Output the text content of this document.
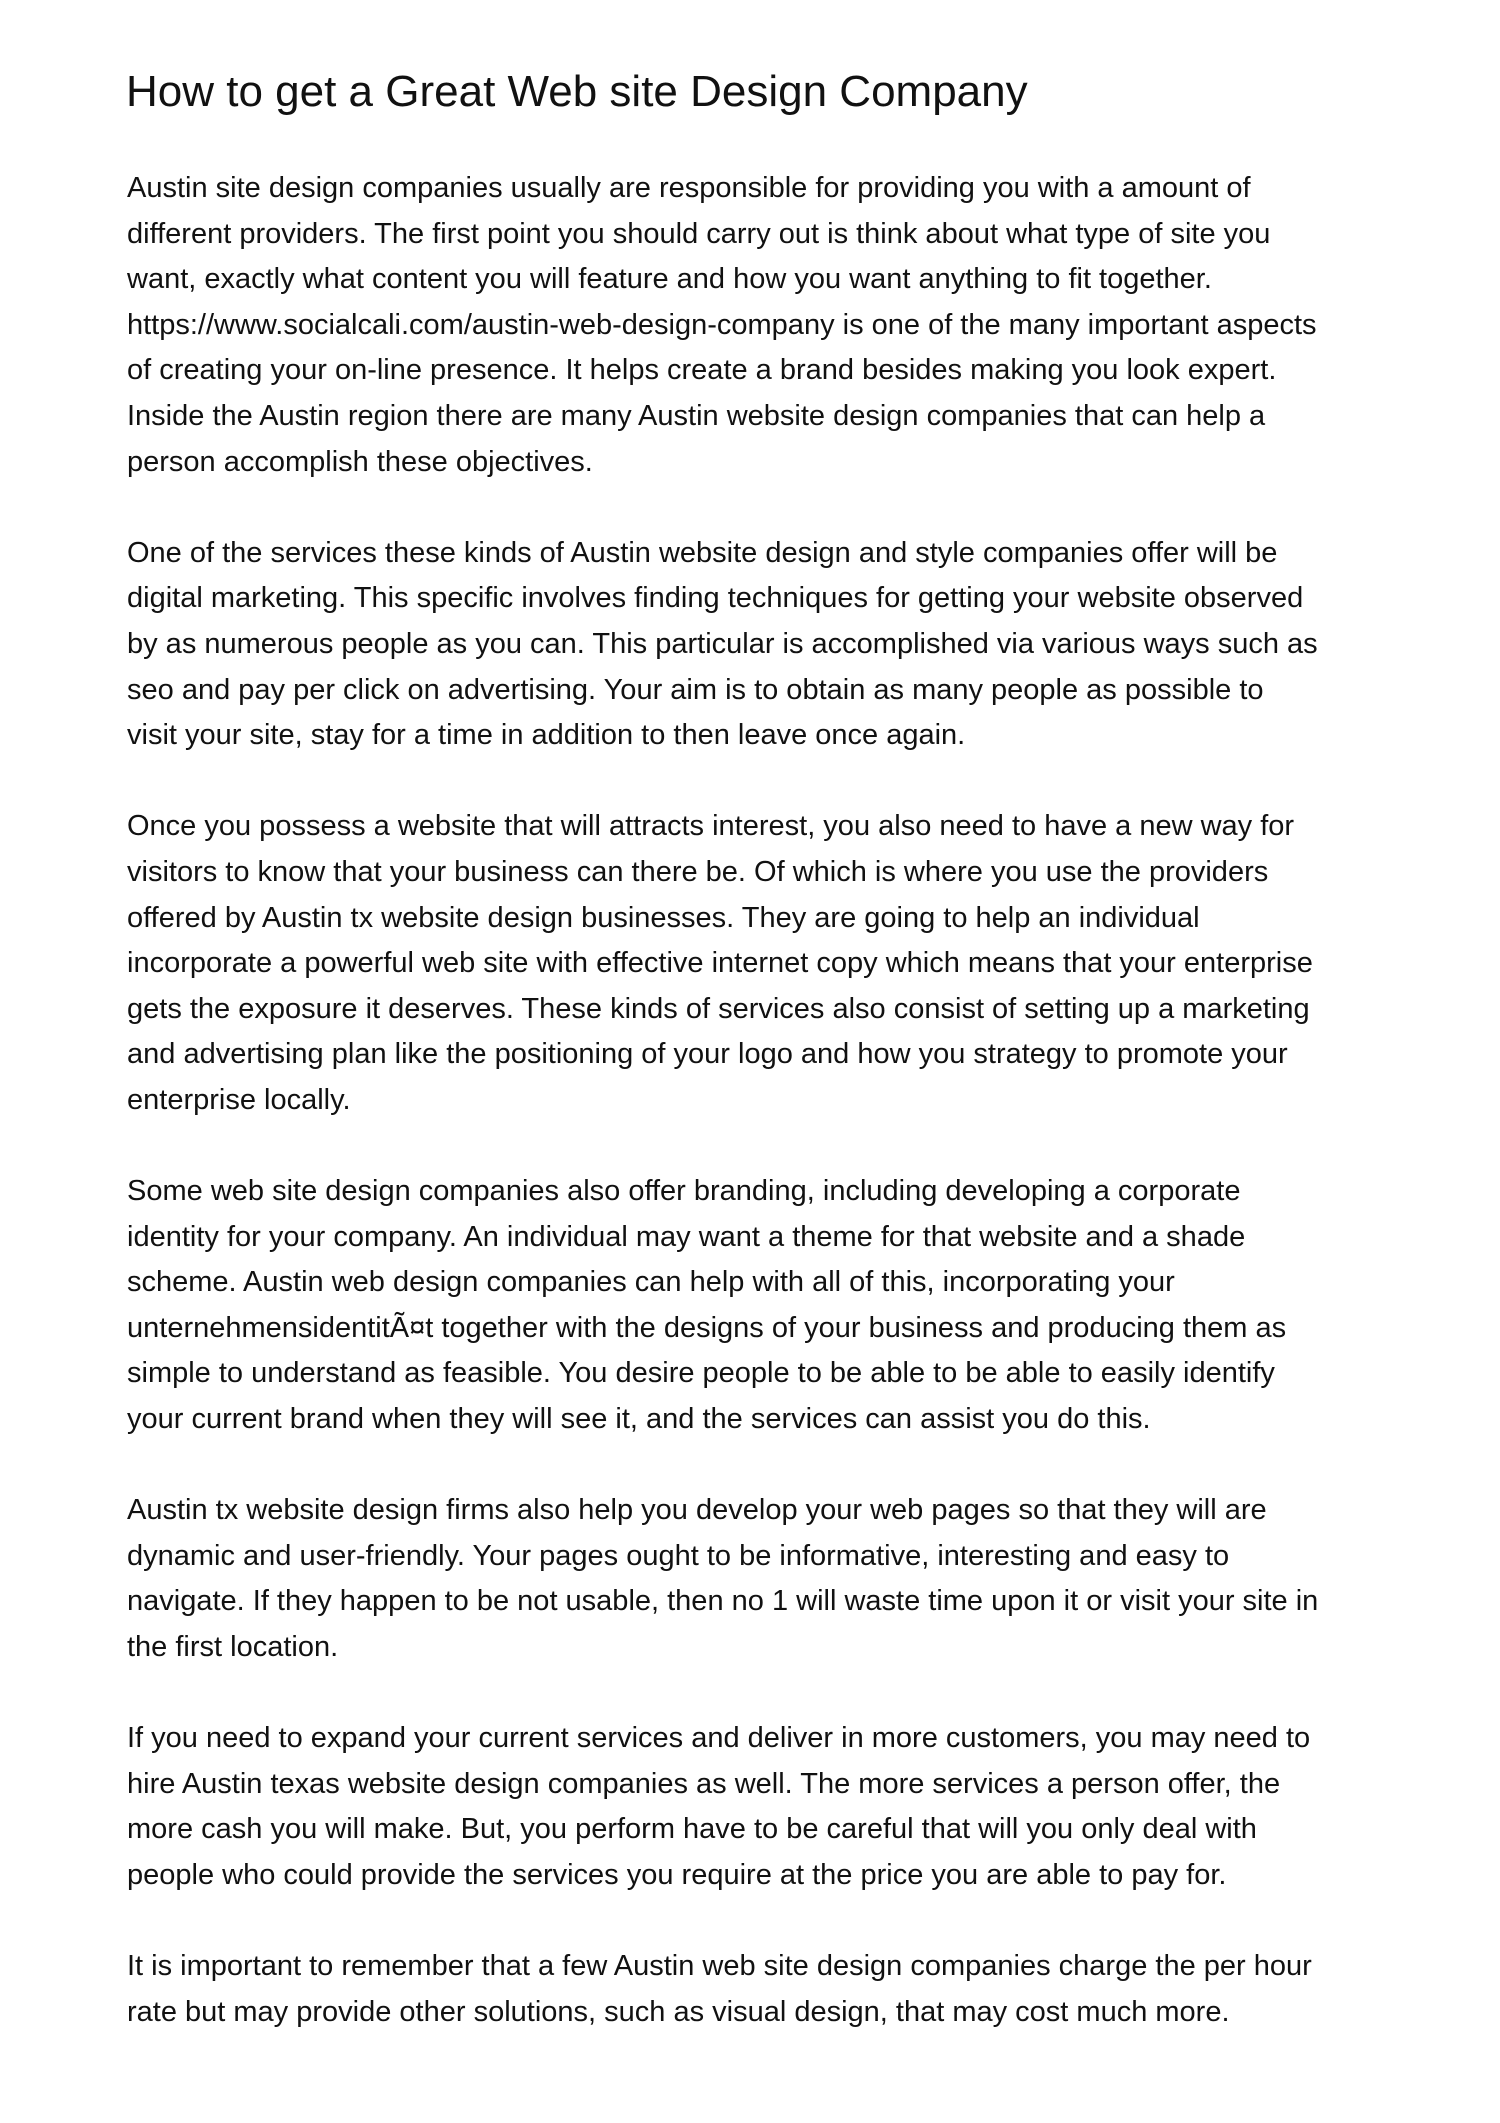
How to get a Great Web site Design Company
Austin site design companies usually are responsible for providing you with a amount of
different providers. The first point you should carry out is think about what type of site you
want, exactly what content you will feature and how you want anything to fit together.
https://www.socialcali.com/austin-web-design-company is one of the many important aspects
of creating your on-line presence. It helps create a brand besides making you look expert.
Inside the Austin region there are many Austin website design companies that can help a
person accomplish these objectives.
One of the services these kinds of Austin website design and style companies offer will be
digital marketing. This specific involves finding techniques for getting your website observed
by as numerous people as you can. This particular is accomplished via various ways such as
seo and pay per click on advertising. Your aim is to obtain as many people as possible to
visit your site, stay for a time in addition to then leave once again.
Once you possess a website that will attracts interest, you also need to have a new way for
visitors to know that your business can there be. Of which is where you use the providers
offered by Austin tx website design businesses. They are going to help an individual
incorporate a powerful web site with effective internet copy which means that your enterprise
gets the exposure it deserves. These kinds of services also consist of setting up a marketing
and advertising plan like the positioning of your logo and how you strategy to promote your
enterprise locally.
Some web site design companies also offer branding, including developing a corporate
identity for your company. An individual may want a theme for that website and a shade
scheme. Austin web design companies can help with all of this, incorporating your
unternehmensidentitÃ¤t together with the designs of your business and producing them as
simple to understand as feasible. You desire people to be able to be able to easily identify
your current brand when they will see it, and the services can assist you do this.
Austin tx website design firms also help you develop your web pages so that they will are
dynamic and user-friendly. Your pages ought to be informative, interesting and easy to
navigate. If they happen to be not usable, then no 1 will waste time upon it or visit your site in
the first location.
If you need to expand your current services and deliver in more customers, you may need to
hire Austin texas website design companies as well. The more services a person offer, the
more cash you will make. But, you perform have to be careful that will you only deal with
people who could provide the services you require at the price you are able to pay for.
It is important to remember that a few Austin web site design companies charge the per hour
rate but may provide other solutions, such as visual design, that may cost much more.
